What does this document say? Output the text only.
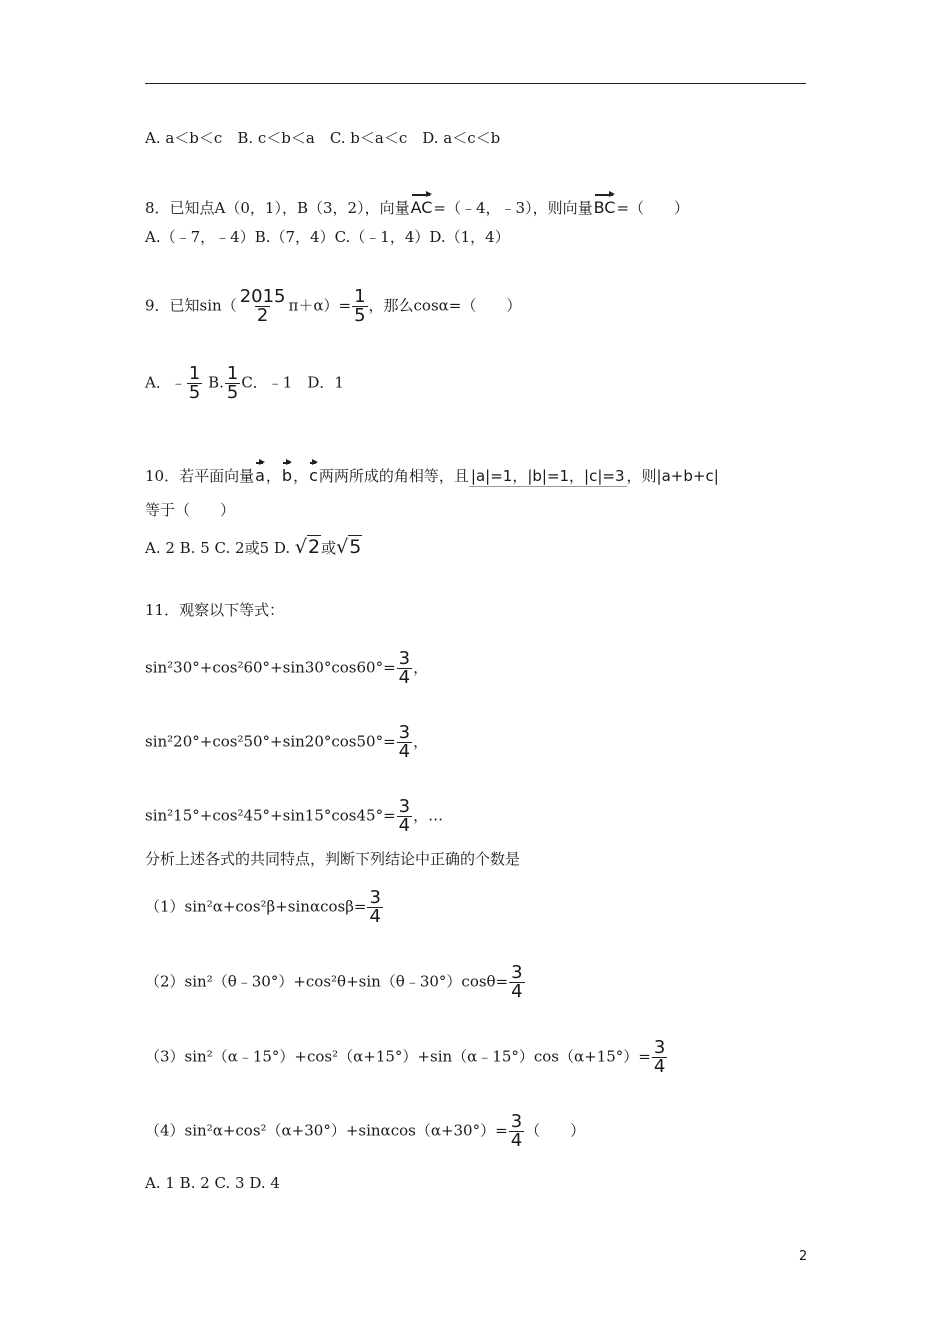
A. a＜b＜c　B. c＜b＜a　C. b＜a＜c　D. a＜c＜b
8．已知点A（0，1），B（3，2），向量AC=（﹣4，﹣3），则向量BC=（　　）
A.（﹣7，﹣4）B.（7，4）C.（﹣1，4）D.（1，4）
9．已知$\sin( \frac{2015}{2} \pi+\alpha)= \frac{1}{5}$ ，那么cosα=（　　）
A．﹣ $\frac{1}{5} B$. $\frac{1}{5}$ C．﹣1　D．1
10．若平面向量a，b，c两两所成的角相等，且 |a|=1，|b|=1，|c|=3 ，则|a+b+c|
等于（　　）
A. 2 B. 5 C. 2或5 D. √2或√5
11．观察以下等式：
$\sin^230^\circ+\cos^260^\circ+\sin 30^\circ\cos 60^\circ= \frac{3}{4}$ ，
$\sin^220^\circ+\cos^250^\circ+\sin 20^\circ\cos 50^\circ= \frac{3}{4}$ ，
$\sin^215^\circ+\cos^245^\circ+\sin 15^\circ\cos 45^\circ= \frac{3}{4}$ ，…
分析上述各式的共同特点，判断下列结论中正确的个数是
$(1)\sin^2\alpha+\cos^2\beta+\sin\alpha\cos\beta= \frac{3}{4}$
（2）sin²（θ﹣30°）+cos²θ+sin（θ﹣30°）cosθ= $\frac{3}{4}$
（3）sin²（α﹣15°）+cos²（α+15°）+sin（α﹣15°）cos（α+15°）= $\frac{3}{4}$
$(4)\sin^2\alpha+\cos^2(\alpha+30^\circ)+\sin\alpha\cos(\alpha+30^\circ)= \frac{3}{4}$ （　　）
A. 1 B. 2 C. 3 D. 4
2
